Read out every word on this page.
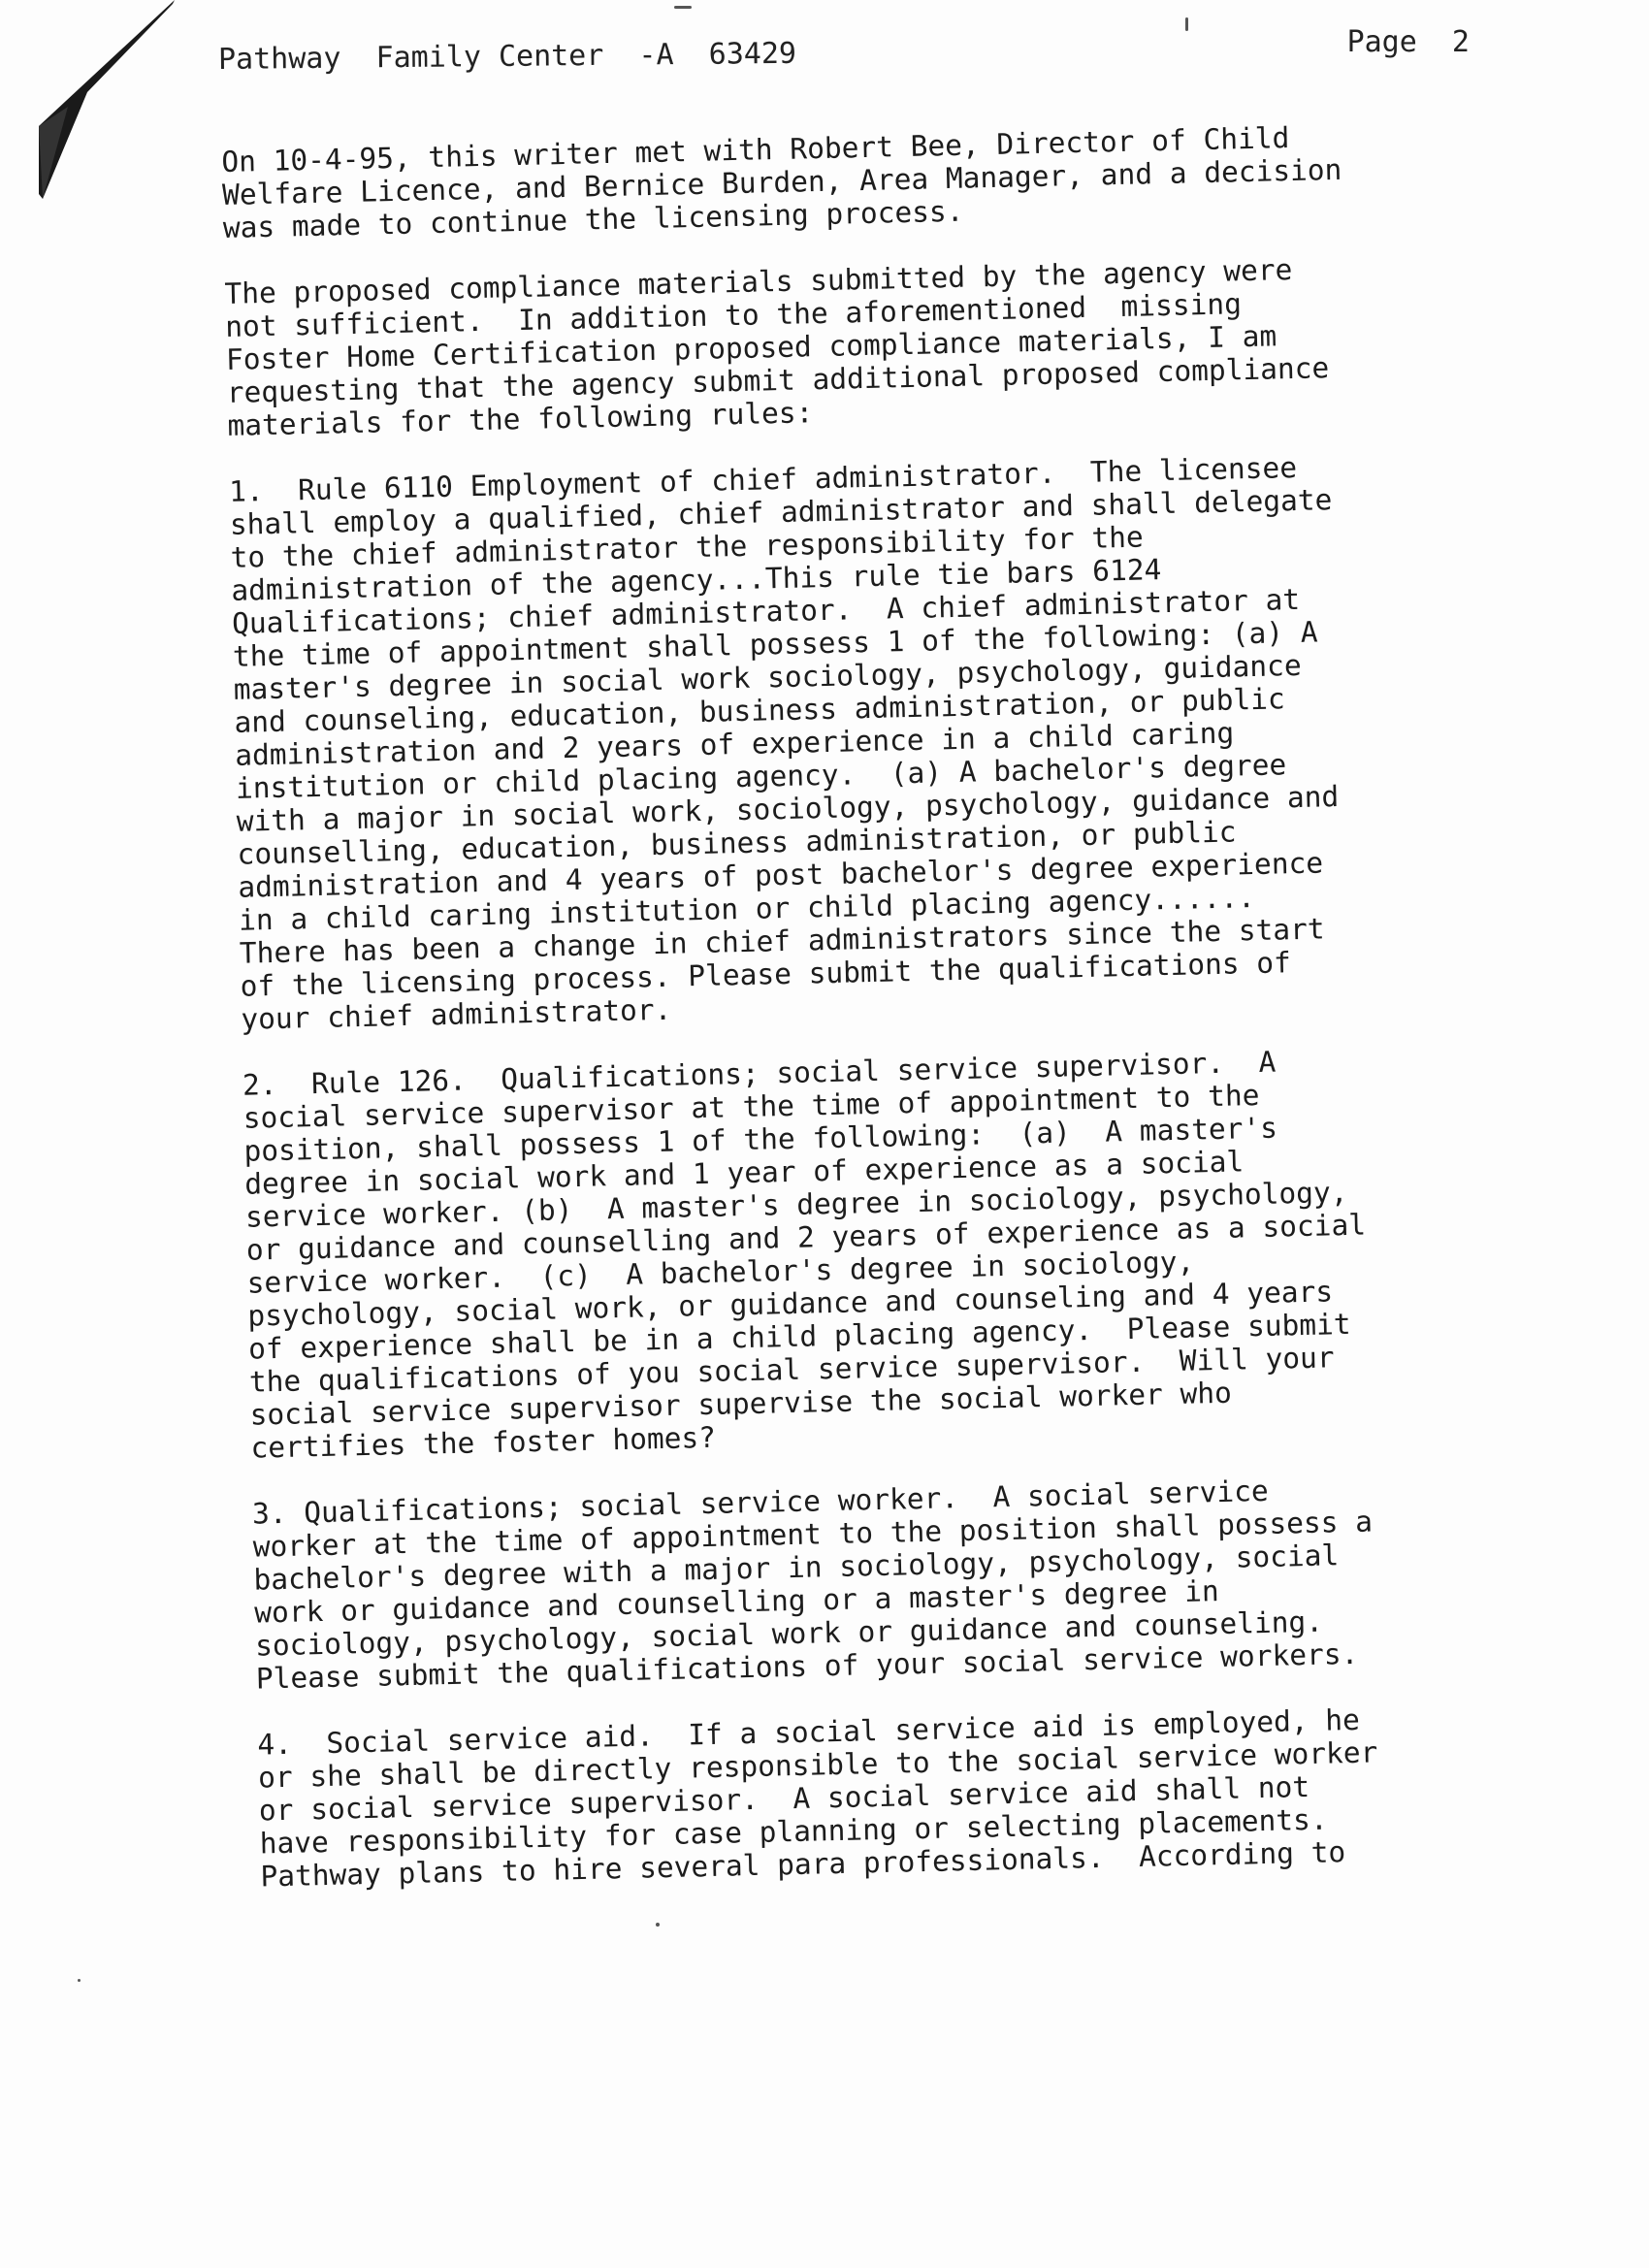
Pathway  Family Center  -A  63429	Page  2

On 10-4-95, this writer met with Robert Bee, Director of Child
Welfare Licence, and Bernice Burden, Area Manager, and a decision
was made to continue the licensing process.

The proposed compliance materials submitted by the agency were
not sufficient.  In addition to the aforementioned  missing
Foster Home Certification proposed compliance materials, I am
requesting that the agency submit additional proposed compliance
materials for the following rules:

1.  Rule 6110 Employment of chief administrator.  The licensee
shall employ a qualified, chief administrator and shall delegate
to the chief administrator the responsibility for the
administration of the agency...This rule tie bars 6124
Qualifications; chief administrator.  A chief administrator at
the time of appointment shall possess 1 of the following: (a) A
master's degree in social work sociology, psychology, guidance
and counseling, education, business administration, or public
administration and 2 years of experience in a child caring
institution or child placing agency.  (a) A bachelor's degree
with a major in social work, sociology, psychology, guidance and
counselling, education, business administration, or public
administration and 4 years of post bachelor's degree experience
in a child caring institution or child placing agency......
There has been a change in chief administrators since the start
of the licensing process. Please submit the qualifications of
your chief administrator.

2.  Rule 126.  Qualifications; social service supervisor.  A
social service supervisor at the time of appointment to the
position, shall possess 1 of the following:  (a)  A master's
degree in social work and 1 year of experience as a social
service worker. (b)  A master's degree in sociology, psychology,
or guidance and counselling and 2 years of experience as a social
service worker.  (c)  A bachelor's degree in sociology,
psychology, social work, or guidance and counseling and 4 years
of experience shall be in a child placing agency.  Please submit
the qualifications of you social service supervisor.  Will your
social service supervisor supervise the social worker who
certifies the foster homes?

3. Qualifications; social service worker.  A social service
worker at the time of appointment to the position shall possess a
bachelor's degree with a major in sociology, psychology, social
work or guidance and counselling or a master's degree in
sociology, psychology, social work or guidance and counseling.
Please submit the qualifications of your social service workers.

4.  Social service aid.  If a social service aid is employed, he
or she shall be directly responsible to the social service worker
or social service supervisor.  A social service aid shall not
have responsibility for case planning or selecting placements.
Pathway plans to hire several para professionals.  According to
